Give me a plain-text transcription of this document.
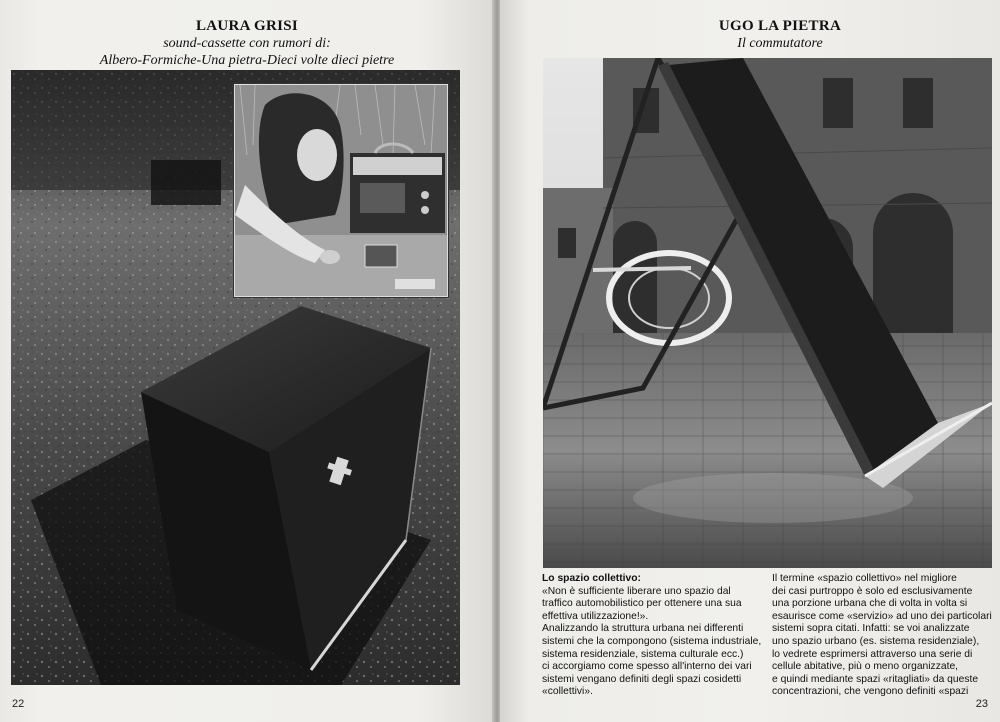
LAURA GRISI
sound-cassette con rumori di:
Albero-Formiche-Una pietra-Dieci volte dieci pietre
22
UGO LA PIETRA
Il commutatore

Lo spazio collettivo:

«Non è sufficiente liberare uno spazio dal
traffico automobilistico per ottenere una sua
effettiva utilizzazione!».
Analizzando la struttura urbana nei differenti
sistemi che la compongono (sistema industriale,
sistema residenziale, sistema culturale ecc.)
ci accorgiamo come spesso all'interno dei vari
sistemi vengano definiti degli spazi cosidetti
«collettivi».
Il termine «spazio collettivo» nel migliore
dei casi purtroppo è solo ed esclusivamente
una porzione urbana che di volta in volta si
esaurisce come «servizio» ad uno dei particolari
sistemi sopra citati. Infatti: se voi analizzate
uno spazio urbano (es. sistema residenziale),
lo vedrete esprimersi attraverso una serie di
cellule abitative, più o meno organizzate,
e quindi mediante spazi «ritagliati» da queste
concentrazioni, che vengono definiti «spazi
23
